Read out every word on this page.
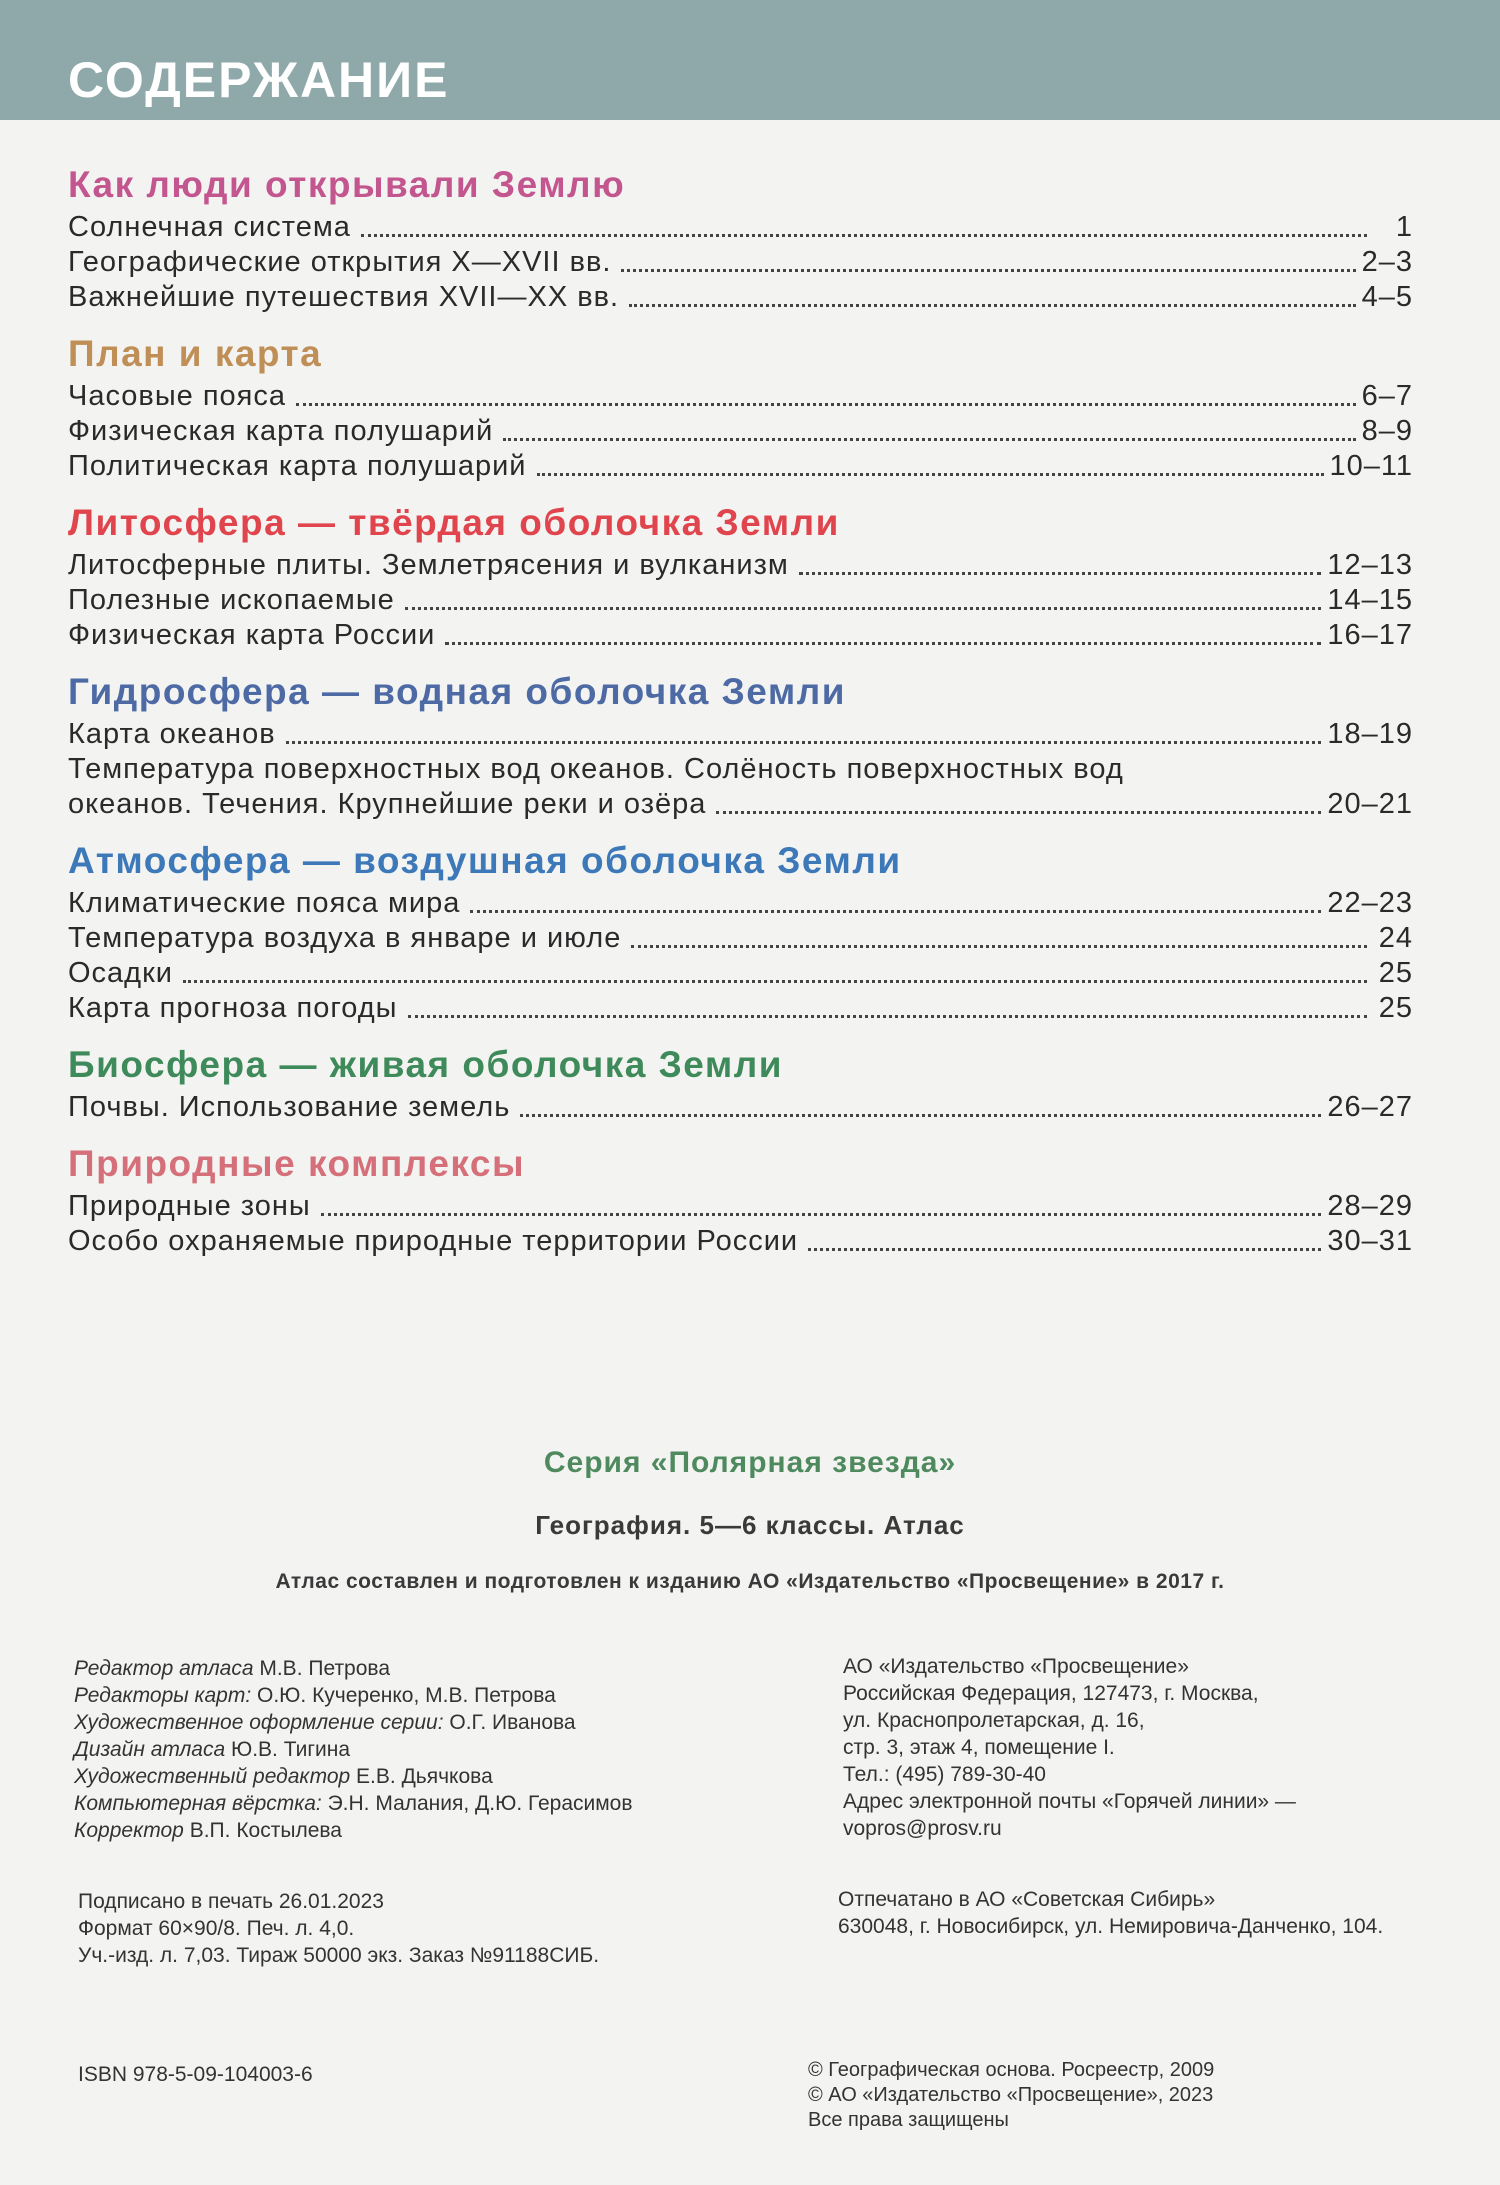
СОДЕРЖАНИЕ
Как люди открывали Землю
Солнечная система	1
Географические открытия X—XVII вв.	2–3
Важнейшие путешествия XVII—XX вв.	4–5
План и карта
Часовые пояса	6–7
Физическая карта полушарий	8–9
Политическая карта полушарий	10–11
Литосфера — твёрдая оболочка Земли
Литосферные плиты. Землетрясения и вулканизм	12–13
Полезные ископаемые	14–15
Физическая карта России	16–17
Гидросфера — водная оболочка Земли
Карта океанов	18–19
Температура поверхностных вод океанов. Солёность поверхностных вод
океанов. Течения. Крупнейшие реки и озёра	20–21
Атмосфера — воздушная оболочка Земли
Климатические пояса мира	22–23
Температура воздуха в январе и июле	24
Осадки	25
Карта прогноза погоды	25
Биосфера — живая оболочка Земли
Почвы. Использование земель	26–27
Природные комплексы
Природные зоны	28–29
Особо охраняемые природные территории России	30–31
Серия «Полярная звезда»
География. 5—6 классы. Атлас
Атлас составлен и подготовлен к изданию АО «Издательство «Просвещение» в 2017 г.
Редактор атласа М.В. Петрова
Редакторы карт: О.Ю. Кучеренко, М.В. Петрова
Художественное оформление серии: О.Г. Иванова
Дизайн атласа Ю.В. Тигина
Художественный редактор Е.В. Дьячкова
Компьютерная вёрстка: Э.Н. Малания, Д.Ю. Герасимов
Корректор В.П. Костылева
АО «Издательство «Просвещение»
Российская Федерация, 127473, г. Москва,
ул. Краснопролетарская, д. 16,
стр. 3, этаж 4, помещение I.
Тел.: (495) 789-30-40
Адрес электронной почты «Горячей линии» —
vopros@prosv.ru
Подписано в печать 26.01.2023
Формат 60×90/8. Печ. л. 4,0.
Уч.-изд. л. 7,03. Тираж 50000 экз. Заказ №91188СИБ.
Отпечатано в АО «Советская Сибирь»
630048, г. Новосибирск, ул. Немировича-Данченко, 104.
ISBN 978-5-09-104003-6	© Географическая основа. Росреестр, 2009
© АО «Издательство «Просвещение», 2023
Все права защищены
